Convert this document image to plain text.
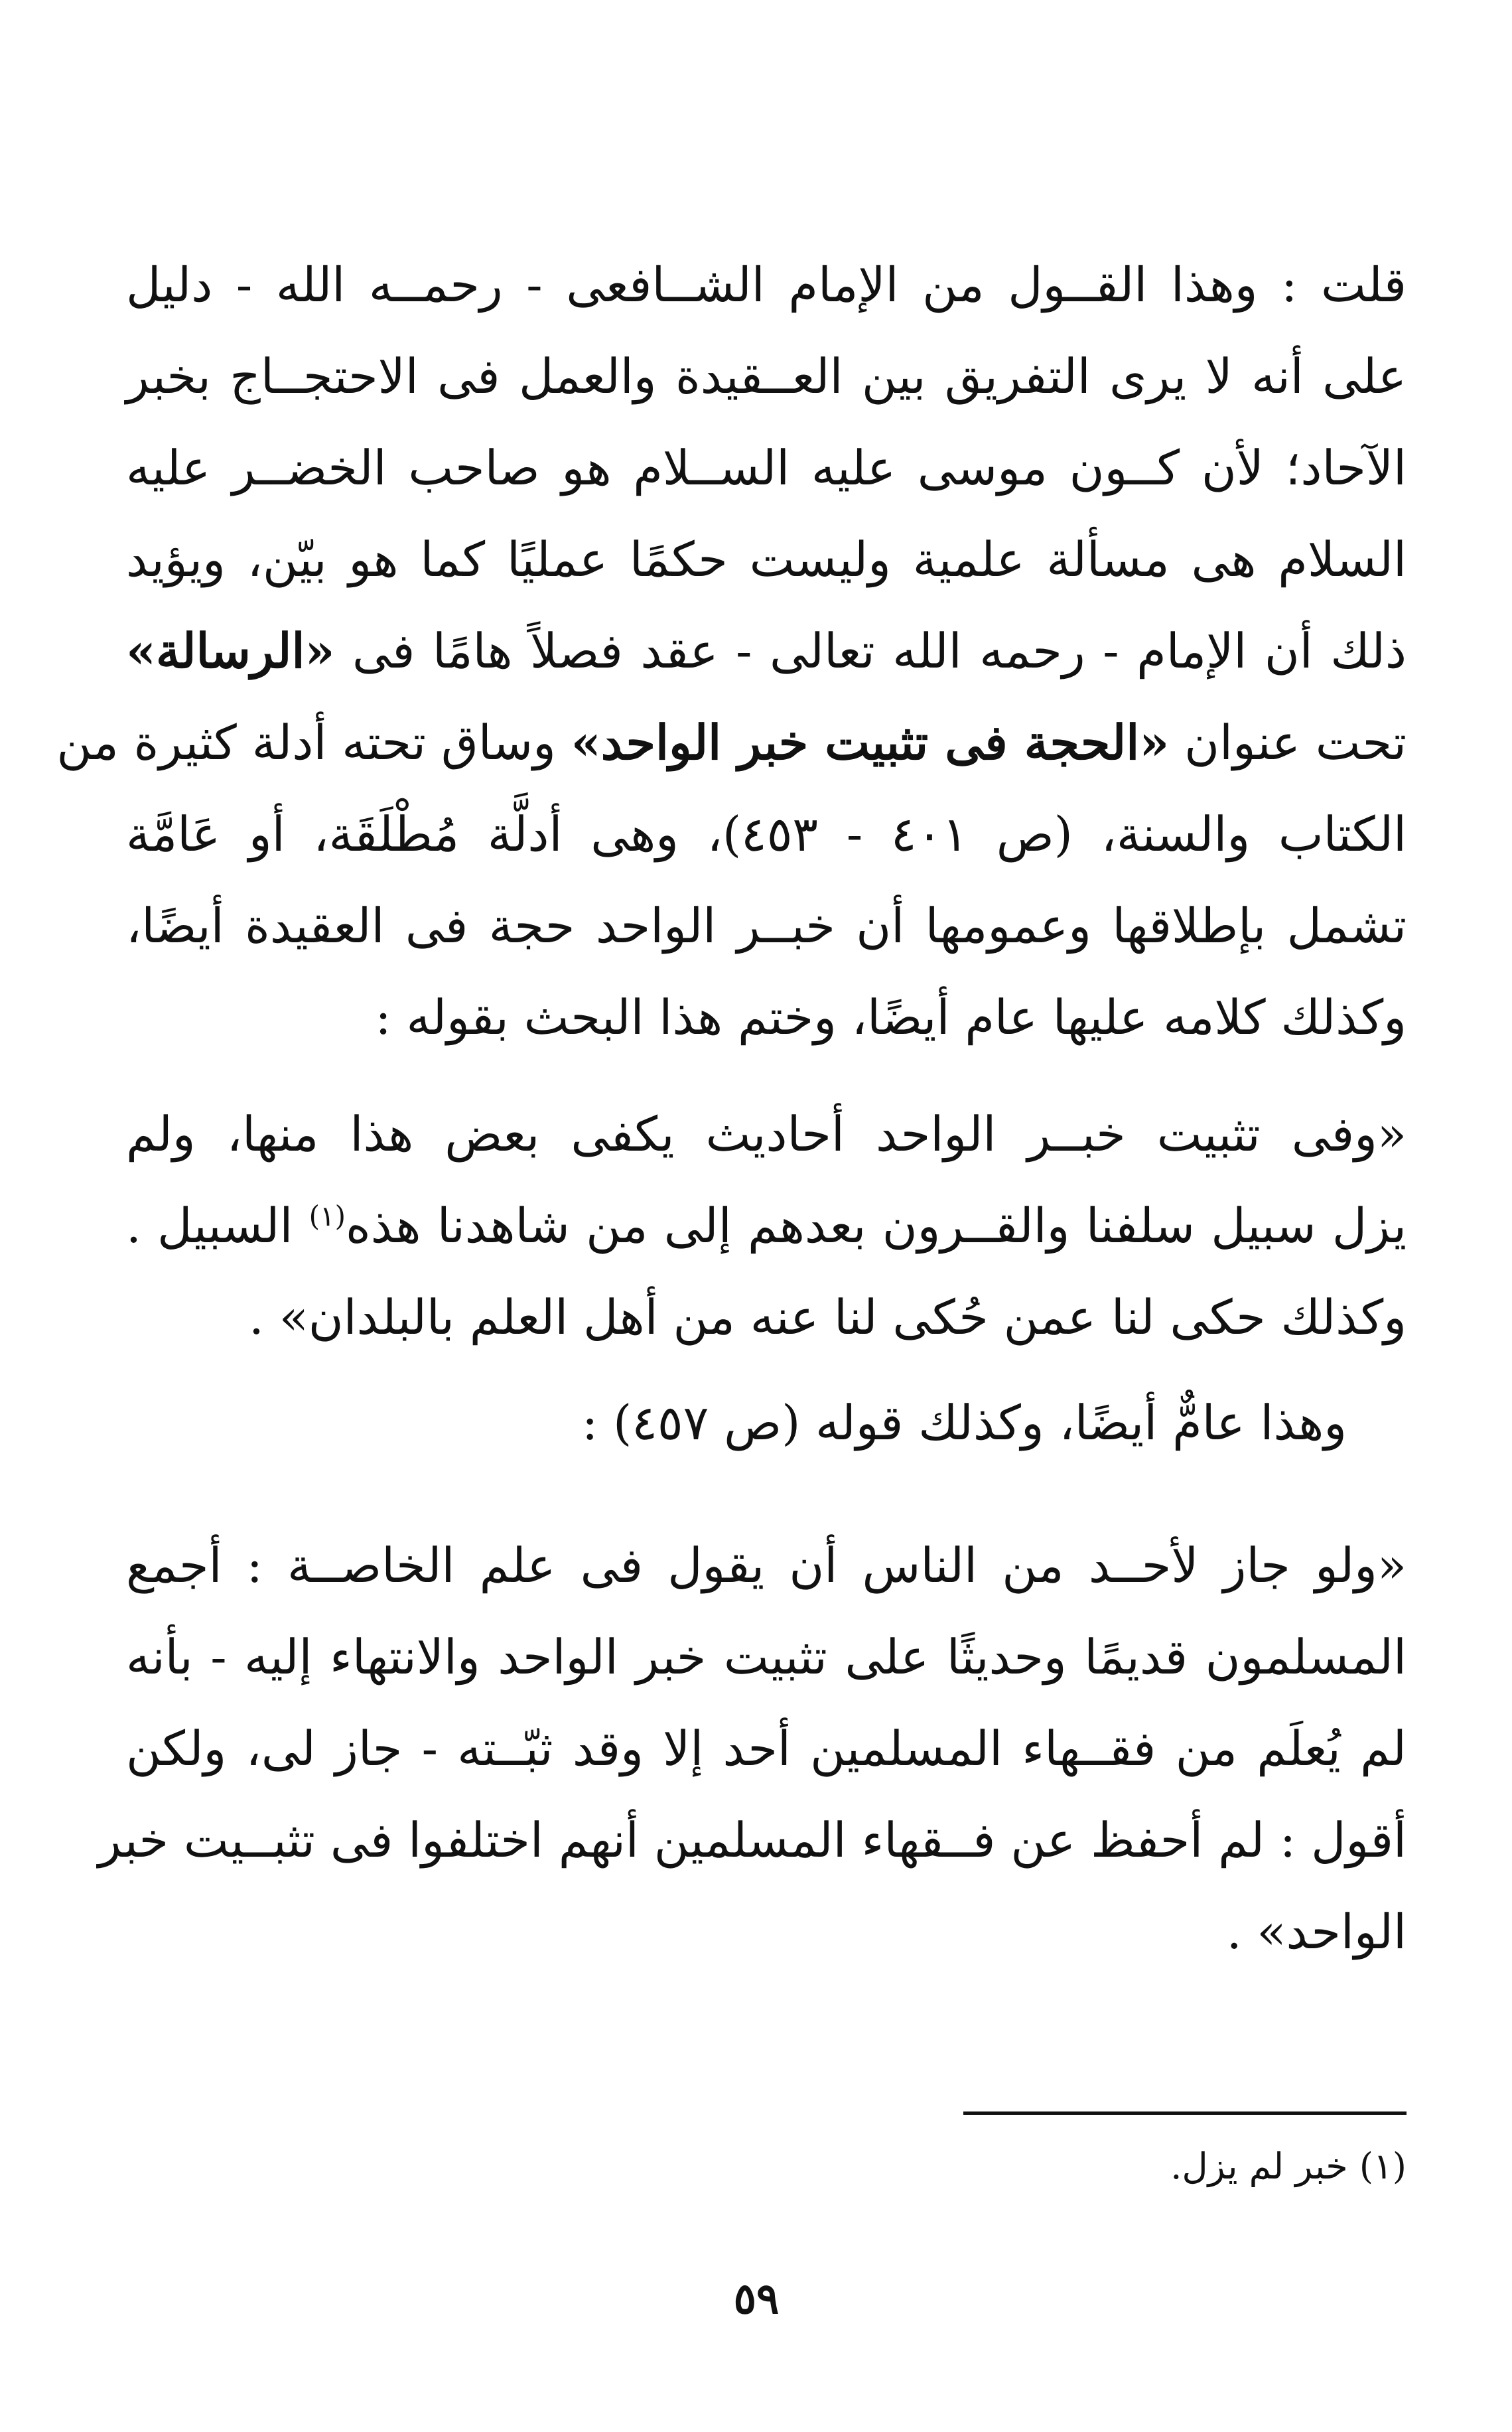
قلت : وهذا القــول من الإمام الشــافعى - رحمــه الله - دليل
على أنه لا يرى التفريق بين العــقيدة والعمل فى الاحتجــاج بخبر
الآحاد؛ لأن كــون موسى عليه الســلام هو صاحب الخضــر عليه
السلام هى مسألة علمية وليست حكمًا عمليًا كما هو بيّن، ويؤيد
ذلك أن الإمام - رحمه الله تعالى - عقد فصلاً هامًا فى «الرسالة»
تحت عنوان «الحجة فى تثبيت خبر الواحد» وساق تحته أدلة كثيرة من
الكتاب والسنة، (ص ٤٠١ - ٤٥٣)، وهى أدلَّة مُطْلَقَة، أو عَامَّة
تشمل بإطلاقها وعمومها أن خبــر الواحد حجة فى العقيدة أيضًا،
وكذلك كلامه عليها عام أيضًا، وختم هذا البحث بقوله :
«وفى تثبيت خبــر الواحد أحاديث يكفى بعض هذا منها، ولم
يزل سبيل سلفنا والقــرون بعدهم إلى من شاهدنا هذه$^{(١)}$ السبيل .
وكذلك حكى لنا عمن حُكى لنا عنه من أهل العلم بالبلدان» .
وهذا عامٌّ أيضًا، وكذلك قوله (ص ٤٥٧) :
«ولو جاز لأحــد من الناس أن يقول فى علم الخاصــة : أجمع
المسلمون قديمًا وحديثًا على تثبيت خبر الواحد والانتهاء إليه - بأنه
لم يُعلَم من فقــهاء المسلمين أحد إلا وقد ثبّــته - جاز لى، ولكن
أقول : لم أحفظ عن فــقهاء المسلمين أنهم اختلفوا فى تثبــيت خبر
الواحد» .
(١) خبر لم يزل.
٥٩
